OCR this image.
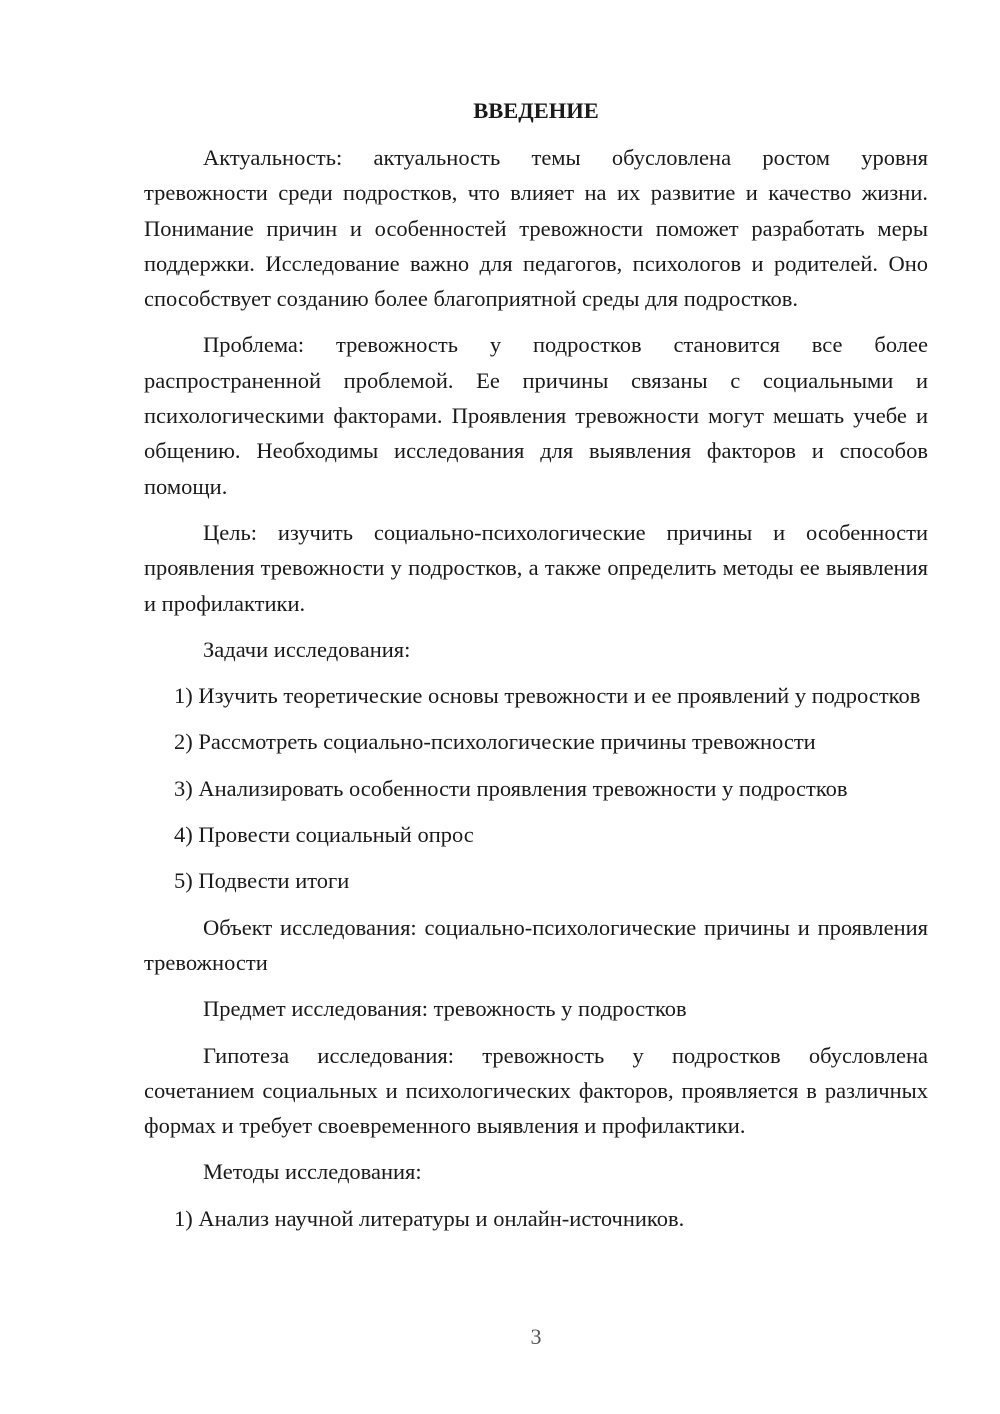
ВВЕДЕНИЕ

Актуальность: актуальность темы обусловлена ростом уровня тревожности среди подростков, что влияет на их развитие и качество жизни. Понимание причин и особенностей тревожности поможет разработать меры поддержки. Исследование важно для педагогов, психологов и родителей. Оно способствует созданию более благоприятной среды для подростков.

Проблема: тревожность у подростков становится все более распространенной проблемой. Ее причины связаны с социальными и психологическими факторами. Проявления тревожности могут мешать учебе и общению. Необходимы исследования для выявления факторов и способов помощи.

Цель: изучить социально-психологические причины и особенности проявления тревожности у подростков, а также определить методы ее выявления и профилактики.

Задачи исследования:

1) Изучить теоретические основы тревожности и ее проявлений у подростков

2) Рассмотреть социально-психологические причины тревожности

3) Анализировать особенности проявления тревожности у подростков

4) Провести социальный опрос

5) Подвести итоги

Объект исследования: социально-психологические причины и проявления тревожности

Предмет исследования: тревожность у подростков

Гипотеза исследования: тревожность у подростков обусловлена сочетанием социальных и психологических факторов, проявляется в различных формах и требует своевременного выявления и профилактики.

Методы исследования:

1) Анализ научной литературы и онлайн-источников.

3
